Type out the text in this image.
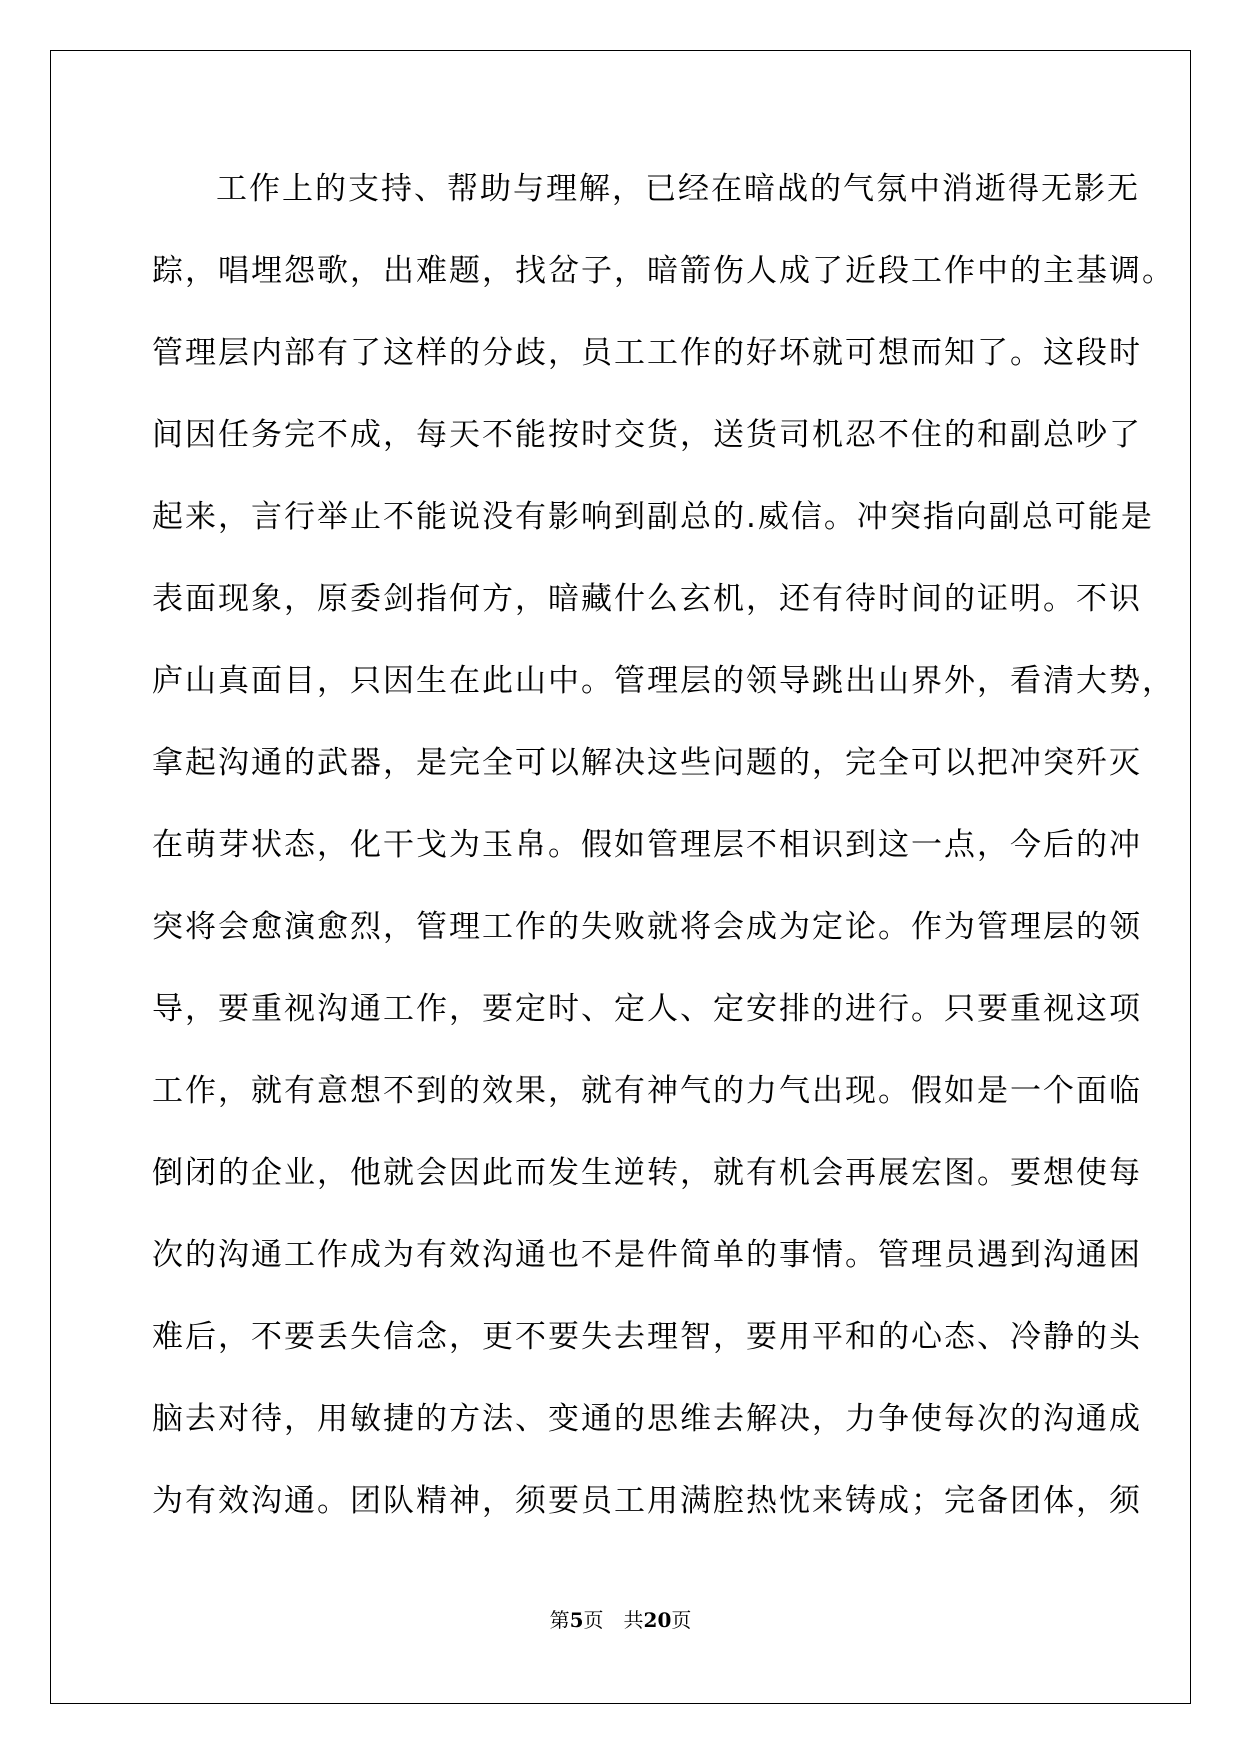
工作上的支持、帮助与理解，已经在暗战的气氛中消逝得无影无
踪，唱埋怨歌，出难题，找岔子，暗箭伤人成了近段工作中的主基调。
管理层内部有了这样的分歧，员工工作的好坏就可想而知了。这段时
间因任务完不成，每天不能按时交货，送货司机忍不住的和副总吵了
起来，言行举止不能说没有影响到副总的.威信。冲突指向副总可能是
表面现象，原委剑指何方，暗藏什么玄机，还有待时间的证明。不识
庐山真面目，只因生在此山中。管理层的领导跳出山界外，看清大势，
拿起沟通的武器，是完全可以解决这些问题的，完全可以把冲突歼灭
在萌芽状态，化干戈为玉帛。假如管理层不相识到这一点，今后的冲
突将会愈演愈烈，管理工作的失败就将会成为定论。作为管理层的领
导，要重视沟通工作，要定时、定人、定安排的进行。只要重视这项
工作，就有意想不到的效果，就有神气的力气出现。假如是一个面临
倒闭的企业，他就会因此而发生逆转，就有机会再展宏图。要想使每
次的沟通工作成为有效沟通也不是件简单的事情。管理员遇到沟通困
难后，不要丢失信念，更不要失去理智，要用平和的心态、冷静的头
脑去对待，用敏捷的方法、变通的思维去解决，力争使每次的沟通成
为有效沟通。团队精神，须要员工用满腔热忱来铸成；完备团体，须
第5页 共20页
